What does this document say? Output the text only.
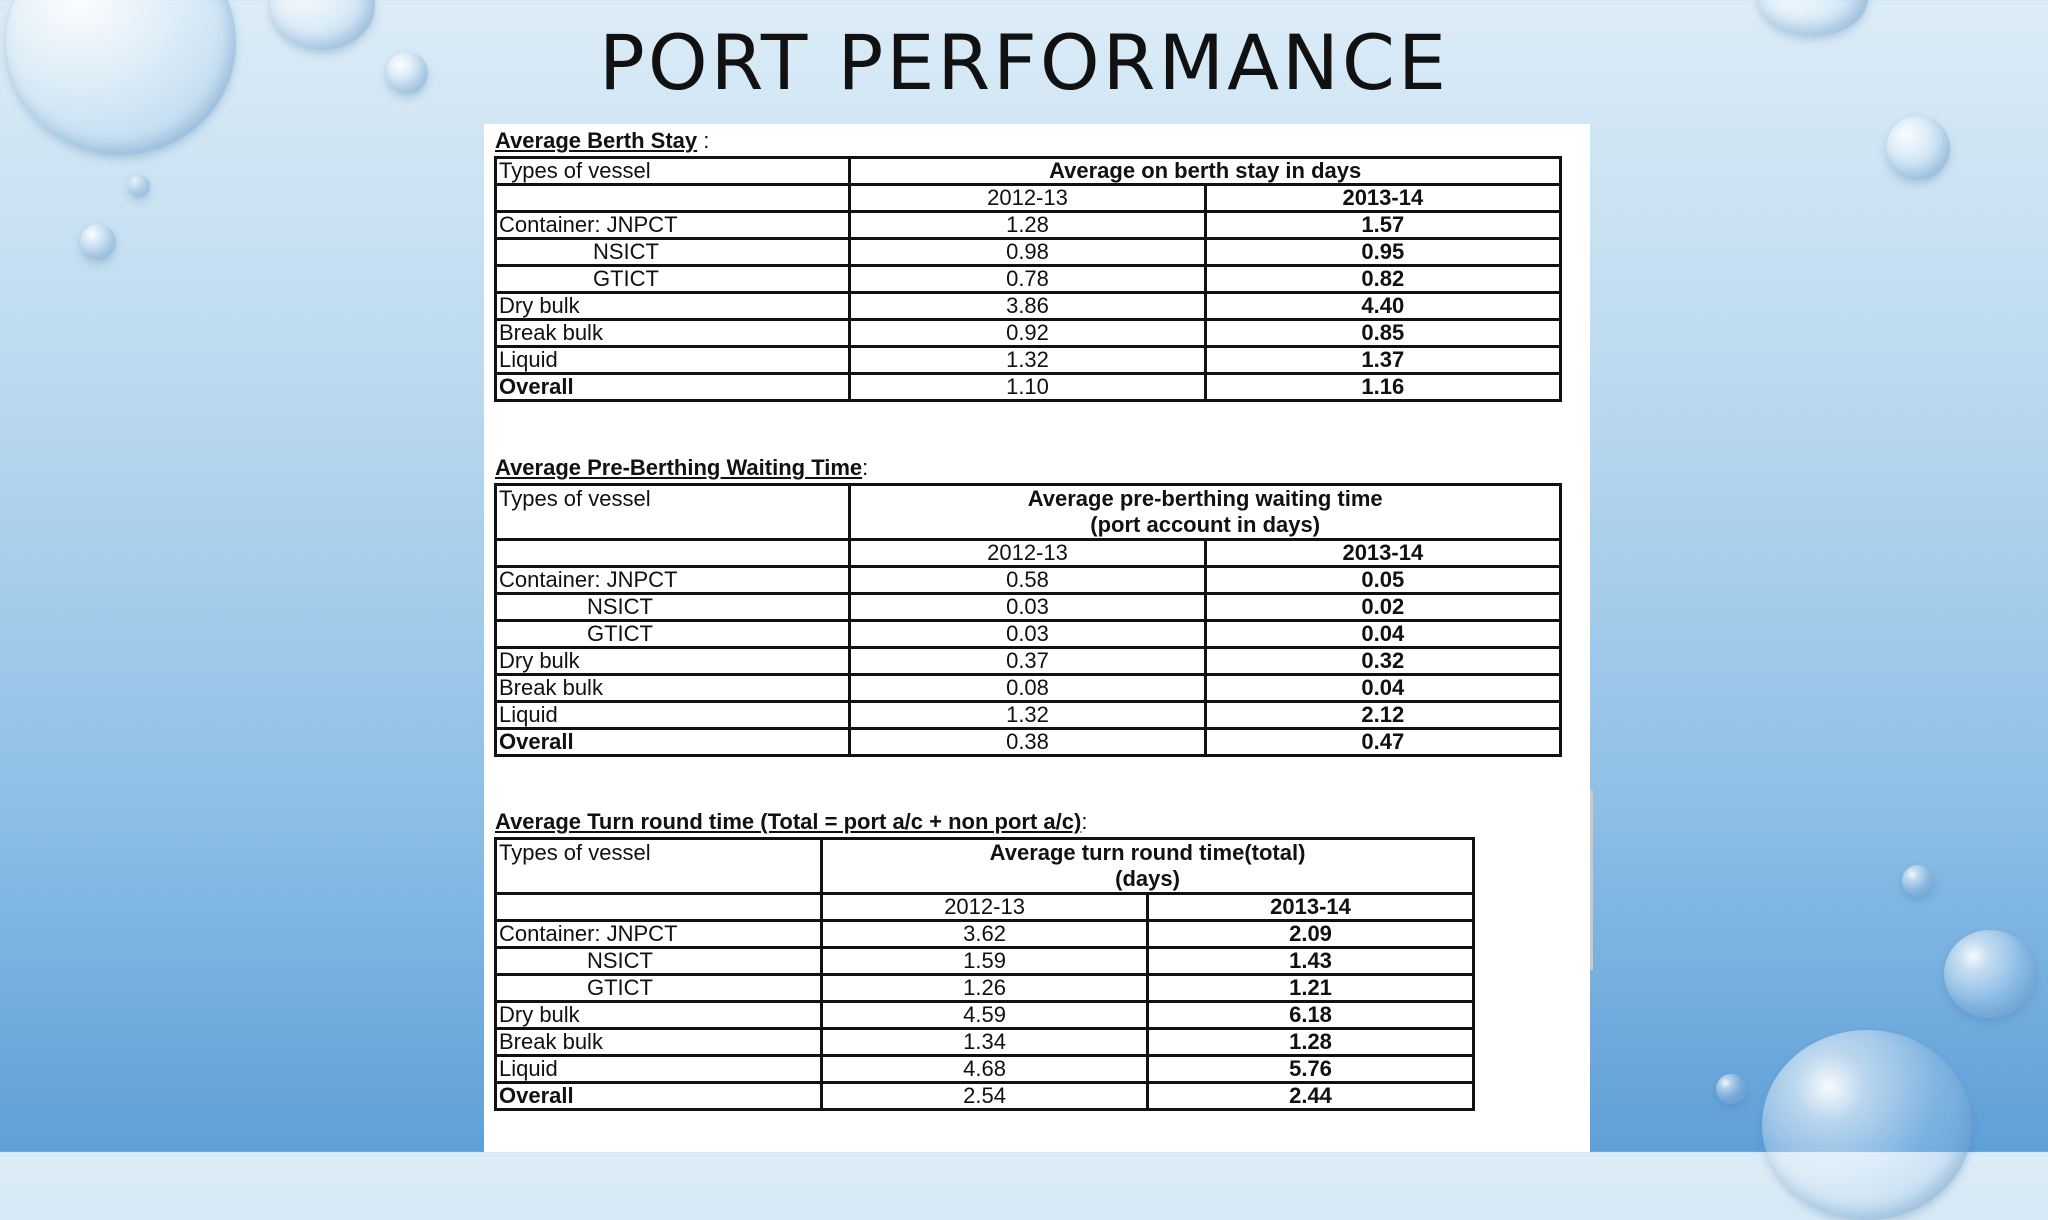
PORT PERFORMANCE
Average Berth Stay :
Types of vessel	Average on berth stay in days	
	2012-13	2013-14
Container: JNPCT	1.28	1.57
NSICT	0.98	0.95
GTICT	0.78	0.82
Dry bulk	3.86	4.40
Break bulk	0.92	0.85
Liquid	1.32	1.37
Overall	1.10	1.16
Average Pre-Berthing Waiting Time:
Types of vessel	Average pre-berthing waiting time
(port account in days)	

	2012-13	2013-14
Container: JNPCT	0.58	0.05
NSICT	0.03	0.02
GTICT	0.03	0.04
Dry bulk	0.37	0.32
Break bulk	0.08	0.04
Liquid	1.32	2.12
Overall	0.38	0.47
Average Turn round time (Total = port a/c + non port a/c):
Types of vessel	Average turn round time(total)
(days)	

	2012-13	2013-14
Container: JNPCT	3.62	2.09
NSICT	1.59	1.43
GTICT	1.26	1.21
Dry bulk	4.59	6.18
Break bulk	1.34	1.28
Liquid	4.68	5.76
Overall	2.54	2.44
